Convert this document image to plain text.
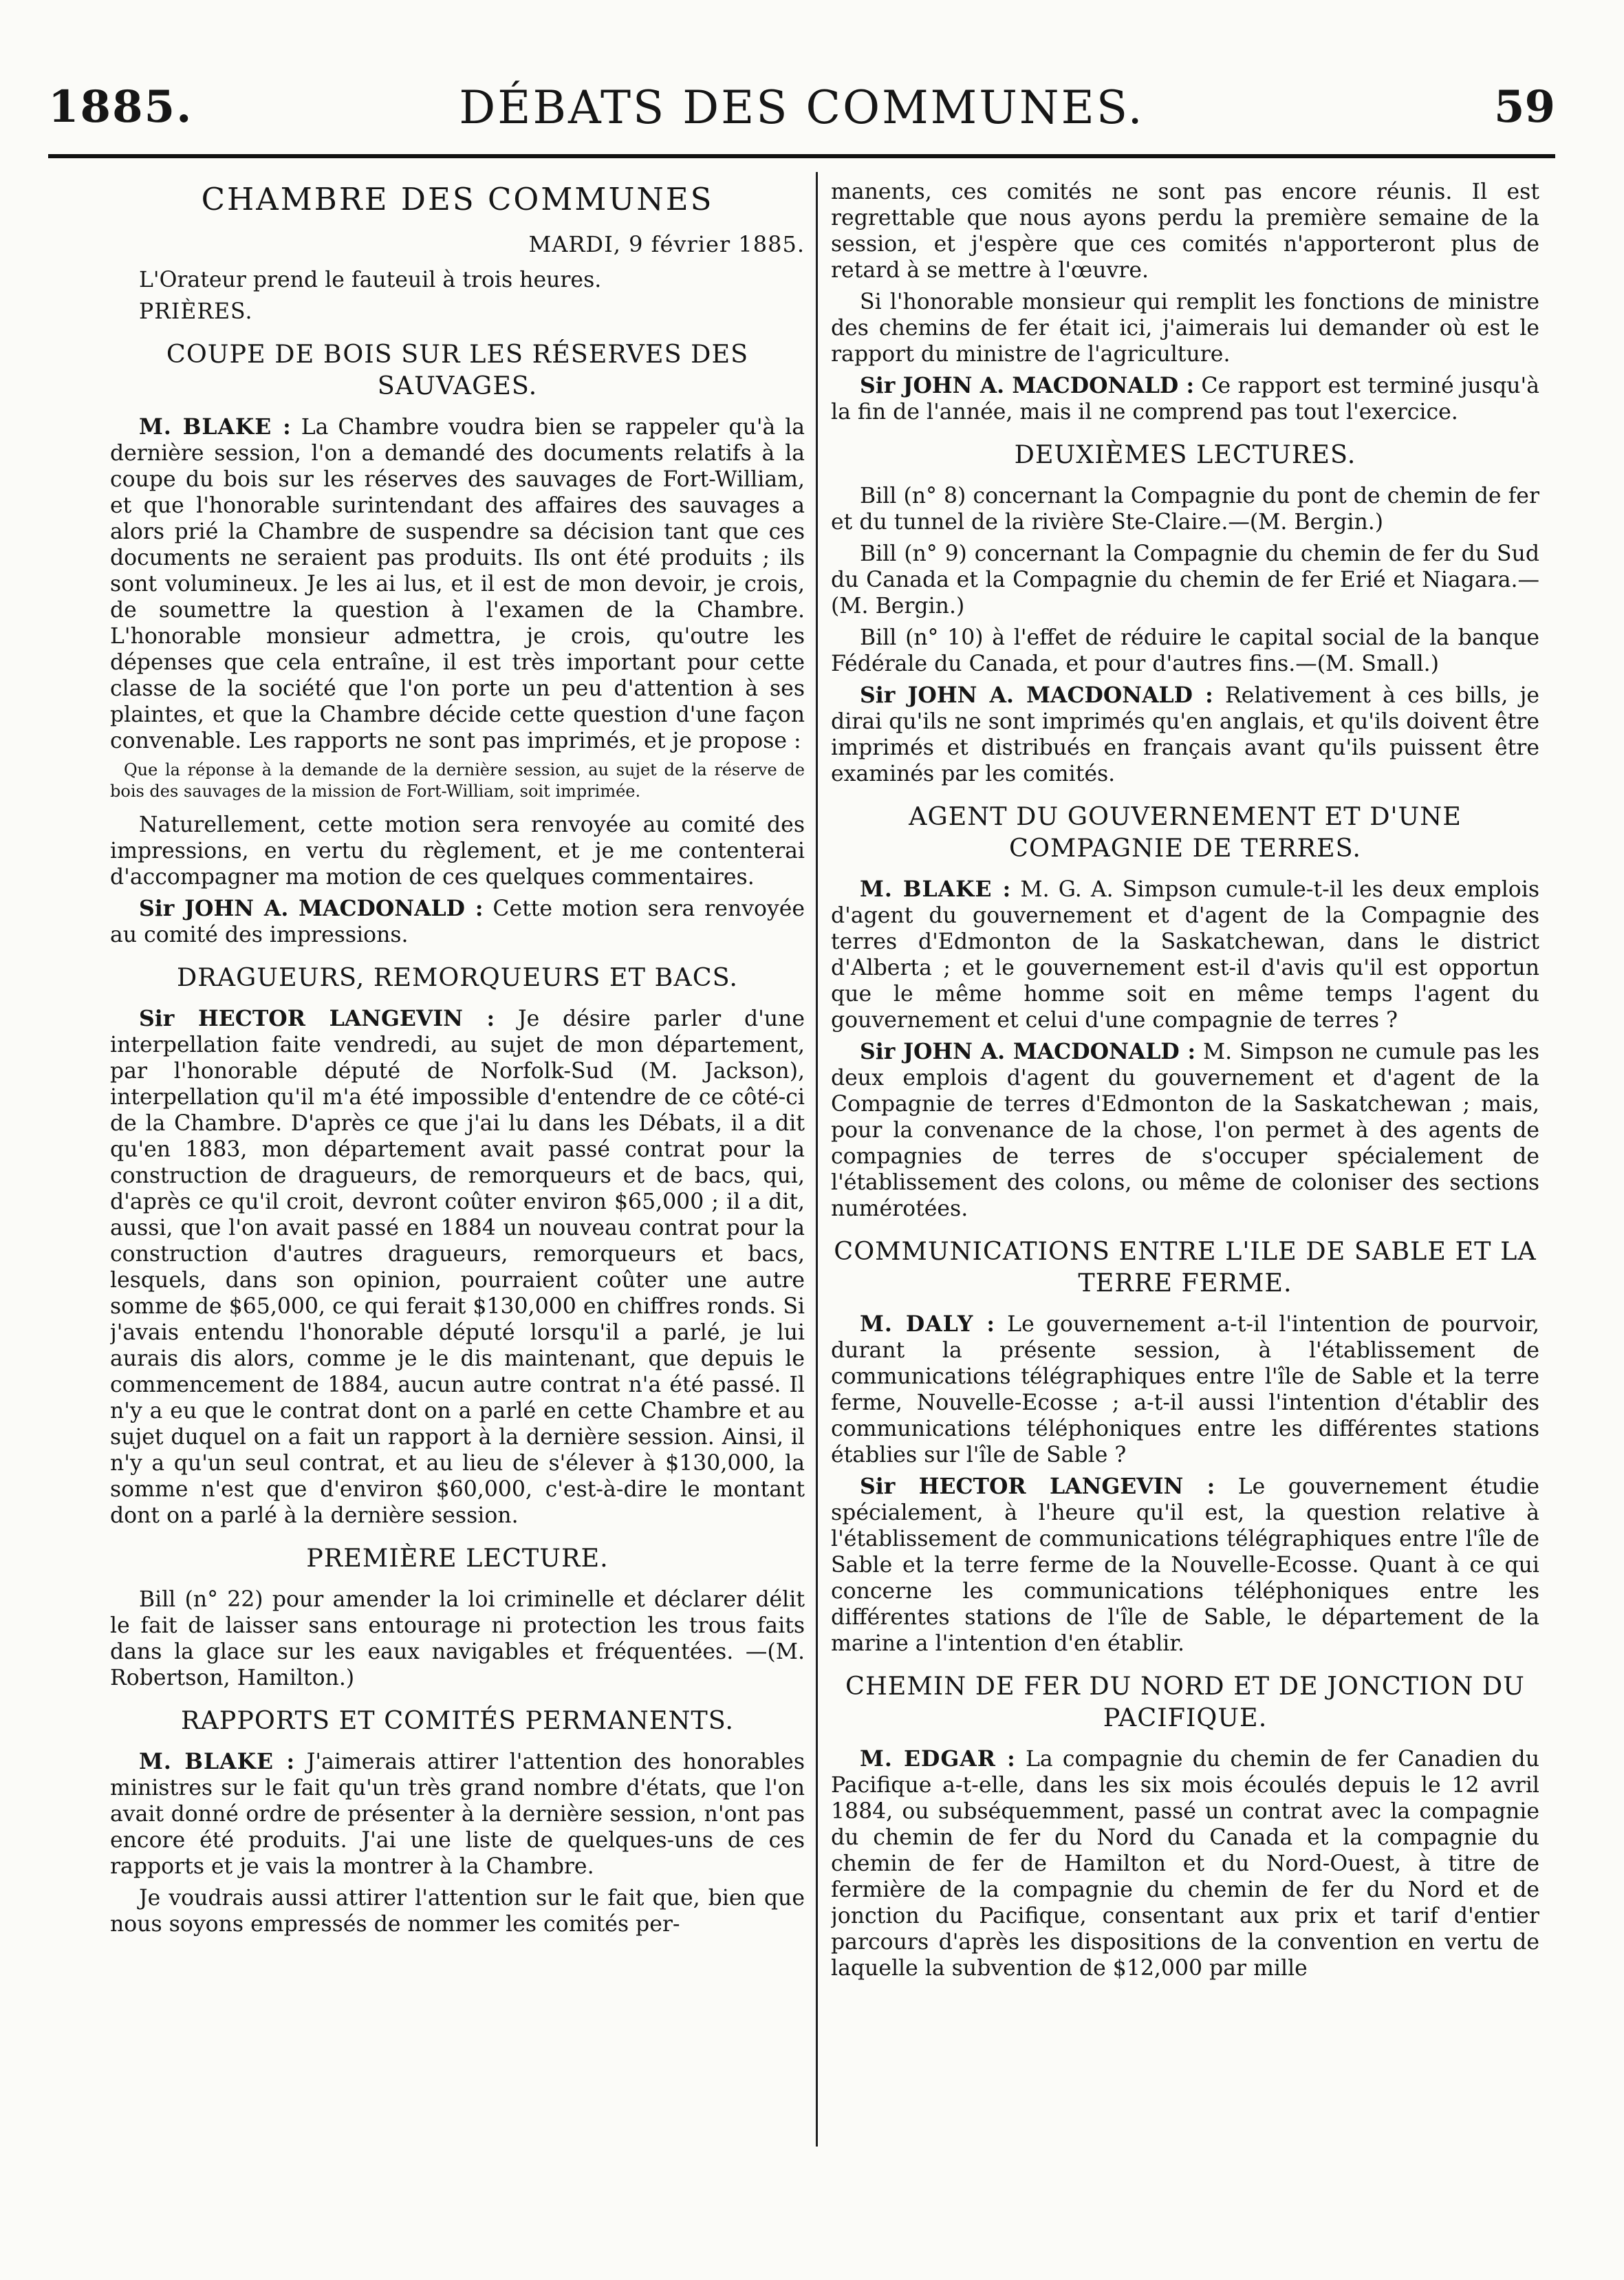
1885.	DÉBATS DES COMMUNES.	59
CHAMBRE DES COMMUNES
MARDI, 9 février 1885.

L'Orateur prend le fauteuil à trois heures.

PRIÈRES.

COUPE DE BOIS SUR LES RÉSERVES DES SAUVAGES.

M. BLAKE : La Chambre voudra bien se rappeler qu'à la dernière session, l'on a demandé des documents relatifs à la coupe du bois sur les réserves des sauvages de Fort-William, et que l'honorable surintendant des affaires des sauvages a alors prié la Chambre de suspendre sa décision tant que ces documents ne seraient pas produits. Ils ont été produits ; ils sont volumineux. Je les ai lus, et il est de mon devoir, je crois, de soumettre la question à l'examen de la Chambre. L'honorable monsieur admettra, je crois, qu'outre les dépenses que cela entraîne, il est très important pour cette classe de la société que l'on porte un peu d'attention à ses plaintes, et que la Chambre décide cette question d'une façon convenable. Les rapports ne sont pas imprimés, et je propose :

Que la réponse à la demande de la dernière session, au sujet de la réserve de bois des sauvages de la mission de Fort-William, soit imprimée.

Naturellement, cette motion sera renvoyée au comité des impressions, en vertu du règlement, et je me contenterai d'accompagner ma motion de ces quelques commentaires.

Sir JOHN A. MACDONALD : Cette motion sera renvoyée au comité des impressions.

DRAGUEURS, REMORQUEURS ET BACS.

Sir HECTOR LANGEVIN : Je désire parler d'une interpellation faite vendredi, au sujet de mon département, par l'honorable député de Norfolk-Sud (M. Jackson), interpellation qu'il m'a été impossible d'entendre de ce côté-ci de la Chambre. D'après ce que j'ai lu dans les Débats, il a dit qu'en 1883, mon département avait passé contrat pour la construction de dragueurs, de remorqueurs et de bacs, qui, d'après ce qu'il croit, devront coûter environ $65,000 ; il a dit, aussi, que l'on avait passé en 1884 un nouveau contrat pour la construction d'autres dragueurs, remorqueurs et bacs, lesquels, dans son opinion, pourraient coûter une autre somme de $65,000, ce qui ferait $130,000 en chiffres ronds. Si j'avais entendu l'honorable député lorsqu'il a parlé, je lui aurais dis alors, comme je le dis maintenant, que depuis le commencement de 1884, aucun autre contrat n'a été passé. Il n'y a eu que le contrat dont on a parlé en cette Chambre et au sujet duquel on a fait un rapport à la dernière session. Ainsi, il n'y a qu'un seul contrat, et au lieu de s'élever à $130,000, la somme n'est que d'environ $60,000, c'est-à-dire le montant dont on a parlé à la dernière session.

PREMIÈRE LECTURE.

Bill (n° 22) pour amender la loi criminelle et déclarer délit le fait de laisser sans entourage ni protection les trous faits dans la glace sur les eaux navigables et fréquentées. —(M. Robertson, Hamilton.)

RAPPORTS ET COMITÉS PERMANENTS.

M. BLAKE : J'aimerais attirer l'attention des honorables ministres sur le fait qu'un très grand nombre d'états, que l'on avait donné ordre de présenter à la dernière session, n'ont pas encore été produits. J'ai une liste de quelques-uns de ces rapports et je vais la montrer à la Chambre.

Je voudrais aussi attirer l'attention sur le fait que, bien que nous soyons empressés de nommer les comités per-

manents, ces comités ne sont pas encore réunis. Il est regrettable que nous ayons perdu la première semaine de la session, et j'espère que ces comités n'apporteront plus de retard à se mettre à l'œuvre.

Si l'honorable monsieur qui remplit les fonctions de ministre des chemins de fer était ici, j'aimerais lui demander où est le rapport du ministre de l'agriculture.

Sir JOHN A. MACDONALD : Ce rapport est terminé jusqu'à la fin de l'année, mais il ne comprend pas tout l'exercice.

DEUXIÈMES LECTURES.

Bill (n° 8) concernant la Compagnie du pont de chemin de fer et du tunnel de la rivière Ste-Claire.—(M. Bergin.)

Bill (n° 9) concernant la Compagnie du chemin de fer du Sud du Canada et la Compagnie du chemin de fer Erié et Niagara.—(M. Bergin.)

Bill (n° 10) à l'effet de réduire le capital social de la banque Fédérale du Canada, et pour d'autres fins.—(M. Small.)

Sir JOHN A. MACDONALD : Relativement à ces bills, je dirai qu'ils ne sont imprimés qu'en anglais, et qu'ils doivent être imprimés et distribués en français avant qu'ils puissent être examinés par les comités.

AGENT DU GOUVERNEMENT ET D'UNE COMPAGNIE DE TERRES.

M. BLAKE : M. G. A. Simpson cumule-t-il les deux emplois d'agent du gouvernement et d'agent de la Compagnie des terres d'Edmonton de la Saskatchewan, dans le district d'Alberta ; et le gouvernement est-il d'avis qu'il est opportun que le même homme soit en même temps l'agent du gouvernement et celui d'une compagnie de terres ?

Sir JOHN A. MACDONALD : M. Simpson ne cumule pas les deux emplois d'agent du gouvernement et d'agent de la Compagnie de terres d'Edmonton de la Saskatchewan ; mais, pour la convenance de la chose, l'on permet à des agents de compagnies de terres de s'occuper spécialement de l'établissement des colons, ou même de coloniser des sections numérotées.

COMMUNICATIONS ENTRE L'ILE DE SABLE ET LA TERRE FERME.

M. DALY : Le gouvernement a-t-il l'intention de pourvoir, durant la présente session, à l'établissement de communications télégraphiques entre l'île de Sable et la terre ferme, Nouvelle-Ecosse ; a-t-il aussi l'intention d'établir des communications téléphoniques entre les différentes stations établies sur l'île de Sable ?

Sir HECTOR LANGEVIN : Le gouvernement étudie spécialement, à l'heure qu'il est, la question relative à l'établissement de communications télégraphiques entre l'île de Sable et la terre ferme de la Nouvelle-Ecosse. Quant à ce qui concerne les communications téléphoniques entre les différentes stations de l'île de Sable, le département de la marine a l'intention d'en établir.

CHEMIN DE FER DU NORD ET DE JONCTION DU PACIFIQUE.

M. EDGAR : La compagnie du chemin de fer Canadien du Pacifique a-t-elle, dans les six mois écoulés depuis le 12 avril 1884, ou subséquemment, passé un contrat avec la compagnie du chemin de fer du Nord du Canada et la compagnie du chemin de fer de Hamilton et du Nord-Ouest, à titre de fermière de la compagnie du chemin de fer du Nord et de jonction du Pacifique, consentant aux prix et tarif d'entier parcours d'après les dispositions de la convention en vertu de laquelle la subvention de $12,000 par mille
